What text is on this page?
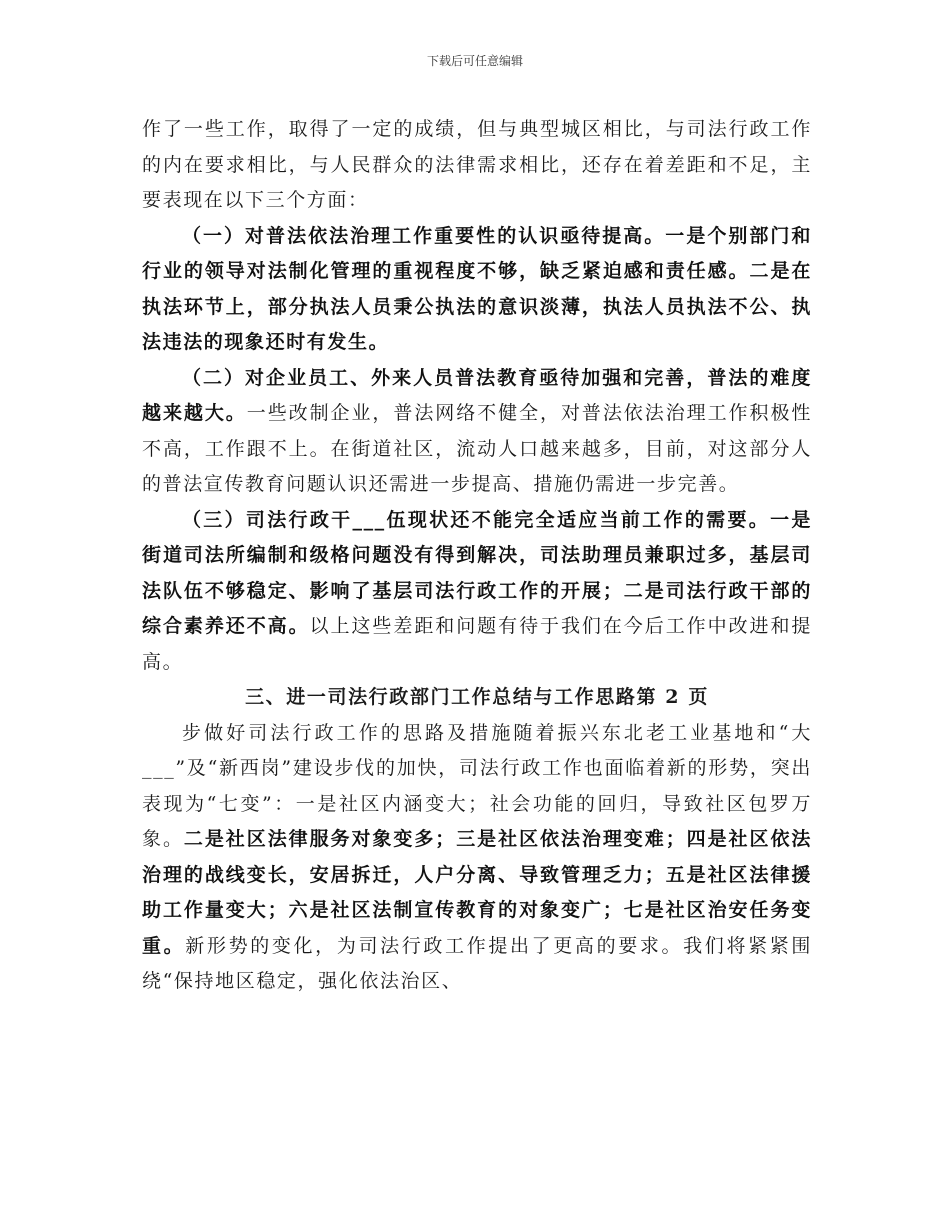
下载后可任意编辑

作了一些工作，取得了一定的成绩，但与典型城区相比，与司法行政工作的内在要求相比，与人民群众的法律需求相比，还存在着差距和不足，主要表现在以下三个方面：

（一）对普法依法治理工作重要性的认识亟待提高。一是个别部门和行业的领导对法制化管理的重视程度不够，缺乏紧迫感和责任感。二是在执法环节上，部分执法人员秉公执法的意识淡薄，执法人员执法不公、执法违法的现象还时有发生。

（二）对企业员工、外来人员普法教育亟待加强和完善，普法的难度越来越大。一些改制企业，普法网络不健全，对普法依法治理工作积极性不高，工作跟不上。在街道社区，流动人口越来越多，目前，对这部分人的普法宣传教育问题认识还需进一步提高、措施仍需进一步完善。

（三）司法行政干___伍现状还不能完全适应当前工作的需要。一是街道司法所编制和级格问题没有得到解决，司法助理员兼职过多，基层司法队伍不够稳定、影响了基层司法行政工作的开展；二是司法行政干部的综合素养还不高。以上这些差距和问题有待于我们在今后工作中改进和提高。

三、进一司法行政部门工作总结与工作思路第 2 页

步做好司法行政工作的思路及措施随着振兴东北老工业基地和“大___”及“新西岗”建设步伐的加快，司法行政工作也面临着新的形势，突出表现为“七变”：一是社区内涵变大；社会功能的回归，导致社区包罗万象。二是社区法律服务对象变多；三是社区依法治理变难；四是社区依法治理的战线变长，安居拆迁，人户分离、导致管理乏力；五是社区法律援助工作量变大；六是社区法制宣传教育的对象变广；七是社区治安任务变重。新形势的变化，为司法行政工作提出了更高的要求。我们将紧紧围绕“保持地区稳定，强化依法治区、
